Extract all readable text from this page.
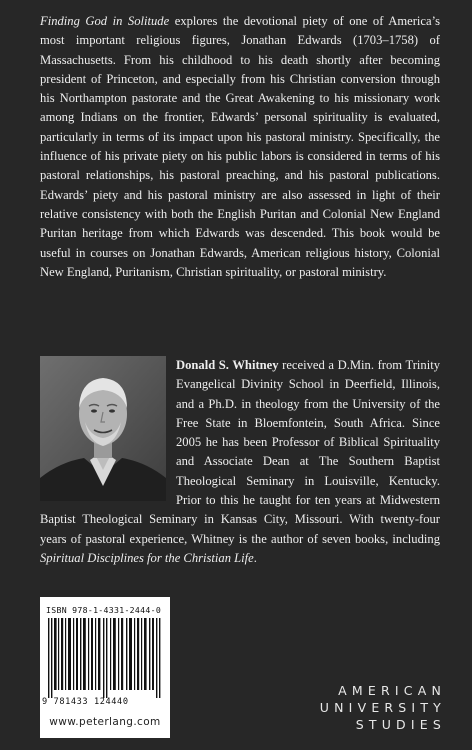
Finding God in Solitude explores the devotional piety of one of America’s most important religious figures, Jonathan Edwards (1703–1758) of Massachusetts. From his childhood to his death shortly after becoming president of Princeton, and especially from his Christian conversion through his Northampton pastorate and the Great Awakening to his missionary work among Indians on the frontier, Edwards’ personal spirituality is evaluated, particularly in terms of its impact upon his pastoral ministry. Specifically, the influence of his private piety on his public labors is considered in terms of his pastoral relationships, his pastoral preaching, and his pastoral publications. Edwards’ piety and his pastoral ministry are also assessed in light of their relative consistency with both the English Puritan and Colonial New England Puritan heritage from which Edwards was descended. This book would be useful in courses on Jonathan Edwards, American religious history, Colonial New England, Puritanism, Christian spirituality, or pastoral ministry.
Donald S. Whitney received a D.Min. from Trinity Evangelical Divinity School in Deerfield, Illinois, and a Ph.D. in theology from the University of the Free State in Bloemfontein, South Africa. Since 2005 he has been Professor of Biblical Spirituality and Associate Dean at The Southern Baptist Theological Seminary in Louisville, Kentucky. Prior to this he taught for ten years at Midwestern Baptist Theological Seminary in Kansas City, Missouri. With twenty-four years of pastoral experience, Whitney is the author of seven books, including Spiritual Disciplines for the Christian Life.
ISBN 978-1-4331-2444-0
9 781433 124440
www.peterlang.com
AMERICAN
UNIVERSITY
STUDIES
